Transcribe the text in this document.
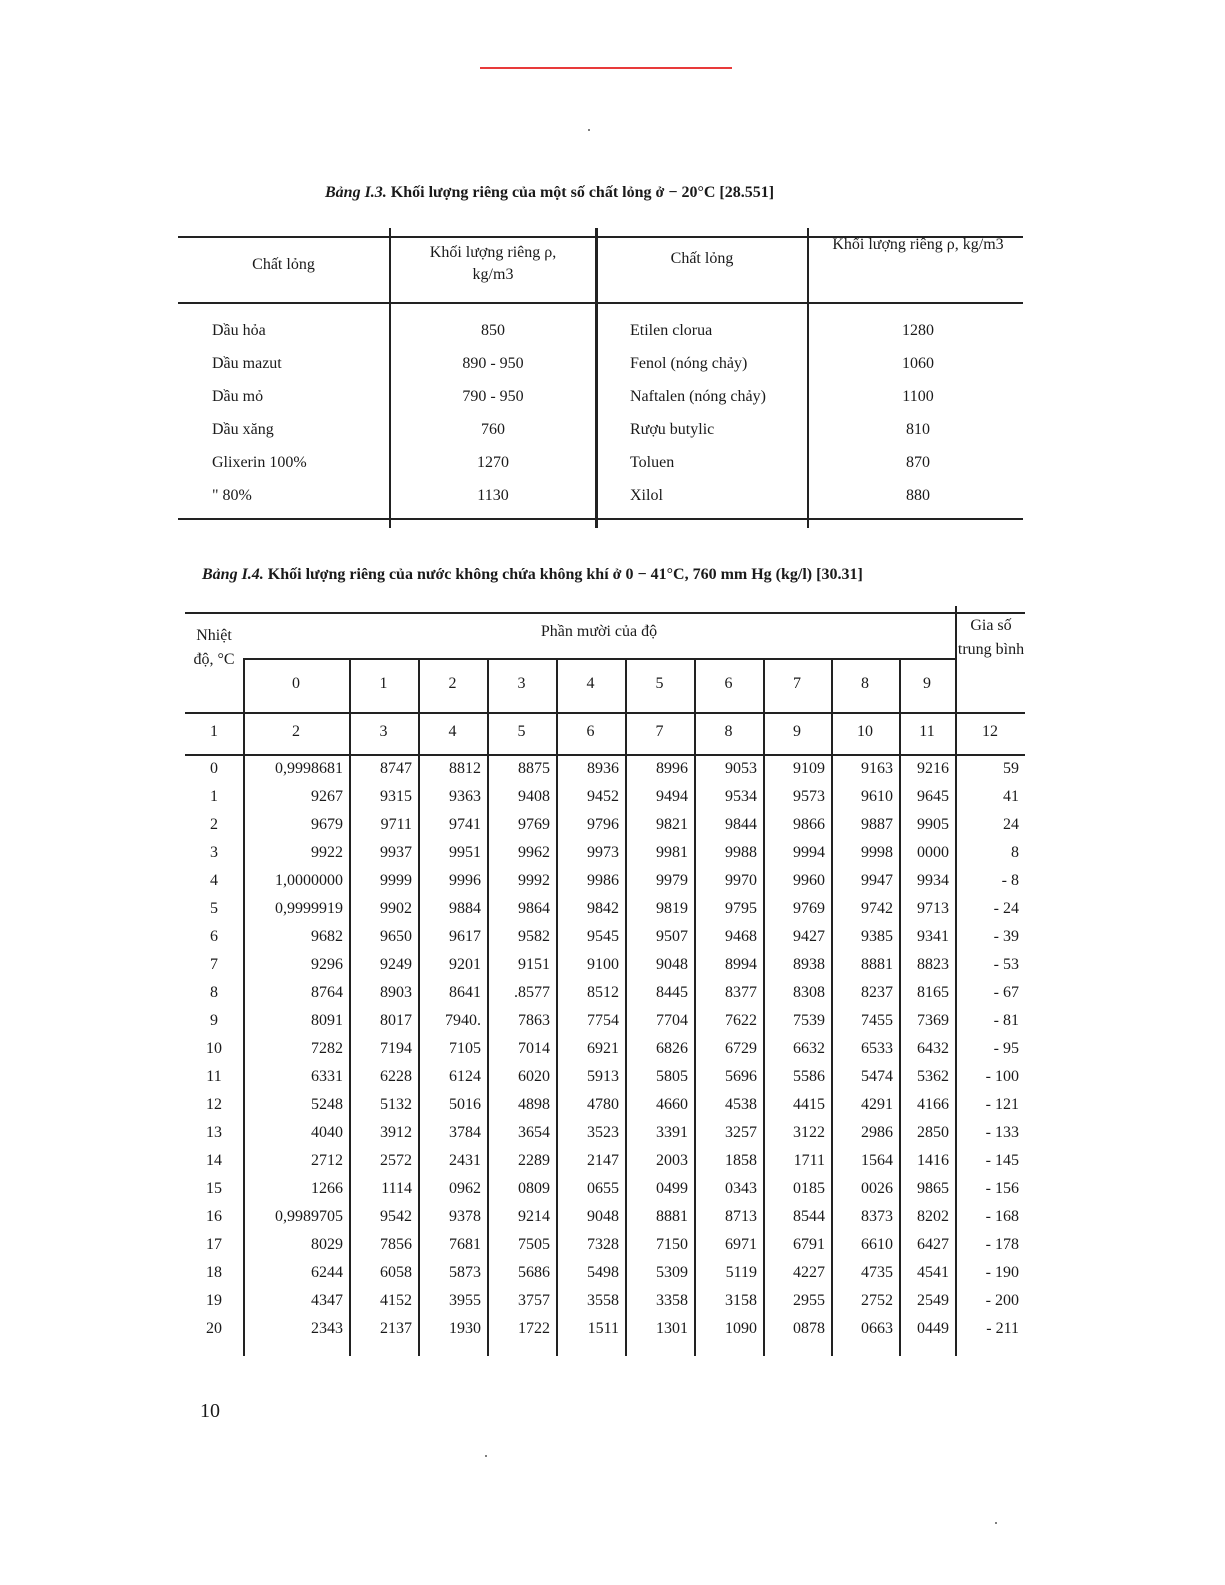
Bảng I.3. Khối lượng riêng của một số chất lỏng ở − 20°C [28.551]
Chất lỏng
Khối lượng riêng ρ, kg/m3
Chất lỏng
Khối lượng riêng ρ, kg/m3
Dầu hỏa	850	Etilen clorua	1280
Dầu mazut	890 - 950	Fenol (nóng chảy)	1060
Dầu mỏ	790 - 950	Naftalen (nóng chảy)	1100
Dầu xăng	760	Rượu butylic	810
Glixerin 100%	1270	Toluen	870
" 80%	1130	Xilol	880
Bảng I.4. Khối lượng riêng của nước không chứa không khí ở 0 − 41°C, 760 mm Hg (kg/l) [30.31]
Nhiệt độ, °C
Phần mười của độ	Gia số trung bình
0	1	2	3	4	5	6	7	8	9
1	2	3	4	5	6	7	8	9	10	11	12
0	0,9998681	8747	8812	8875	8936	8996	9053	9109	9163	9216	59
1	9267	9315	9363	9408	9452	9494	9534	9573	9610	9645	41
2	9679	9711	9741	9769	9796	9821	9844	9866	9887	9905	24
3	9922	9937	9951	9962	9973	9981	9988	9994	9998	0000	8
4	1,0000000	9999	9996	9992	9986	9979	9970	9960	9947	9934	- 8
5	0,9999919	9902	9884	9864	9842	9819	9795	9769	9742	9713	- 24
6	9682	9650	9617	9582	9545	9507	9468	9427	9385	9341	- 39
7	9296	9249	9201	9151	9100	9048	8994	8938	8881	8823	- 53
8	8764	8903	8641	.8577	8512	8445	8377	8308	8237	8165	- 67
9	8091	8017	7940.	7863	7754	7704	7622	7539	7455	7369	- 81
10	7282	7194	7105	7014	6921	6826	6729	6632	6533	6432	- 95
11	6331	6228	6124	6020	5913	5805	5696	5586	5474	5362	- 100
12	5248	5132	5016	4898	4780	4660	4538	4415	4291	4166	- 121
13	4040	3912	3784	3654	3523	3391	3257	3122	2986	2850	- 133
14	2712	2572	2431	2289	2147	2003	1858	1711	1564	1416	- 145
15	1266	1114	0962	0809	0655	0499	0343	0185	0026	9865	- 156
16	0,9989705	9542	9378	9214	9048	8881	8713	8544	8373	8202	- 168
17	8029	7856	7681	7505	7328	7150	6971	6791	6610	6427	- 178
18	6244	6058	5873	5686	5498	5309	5119	4227	4735	4541	- 190
19	4347	4152	3955	3757	3558	3358	3158	2955	2752	2549	- 200
20	2343	2137	1930	1722	1511	1301	1090	0878	0663	0449	- 211
10
